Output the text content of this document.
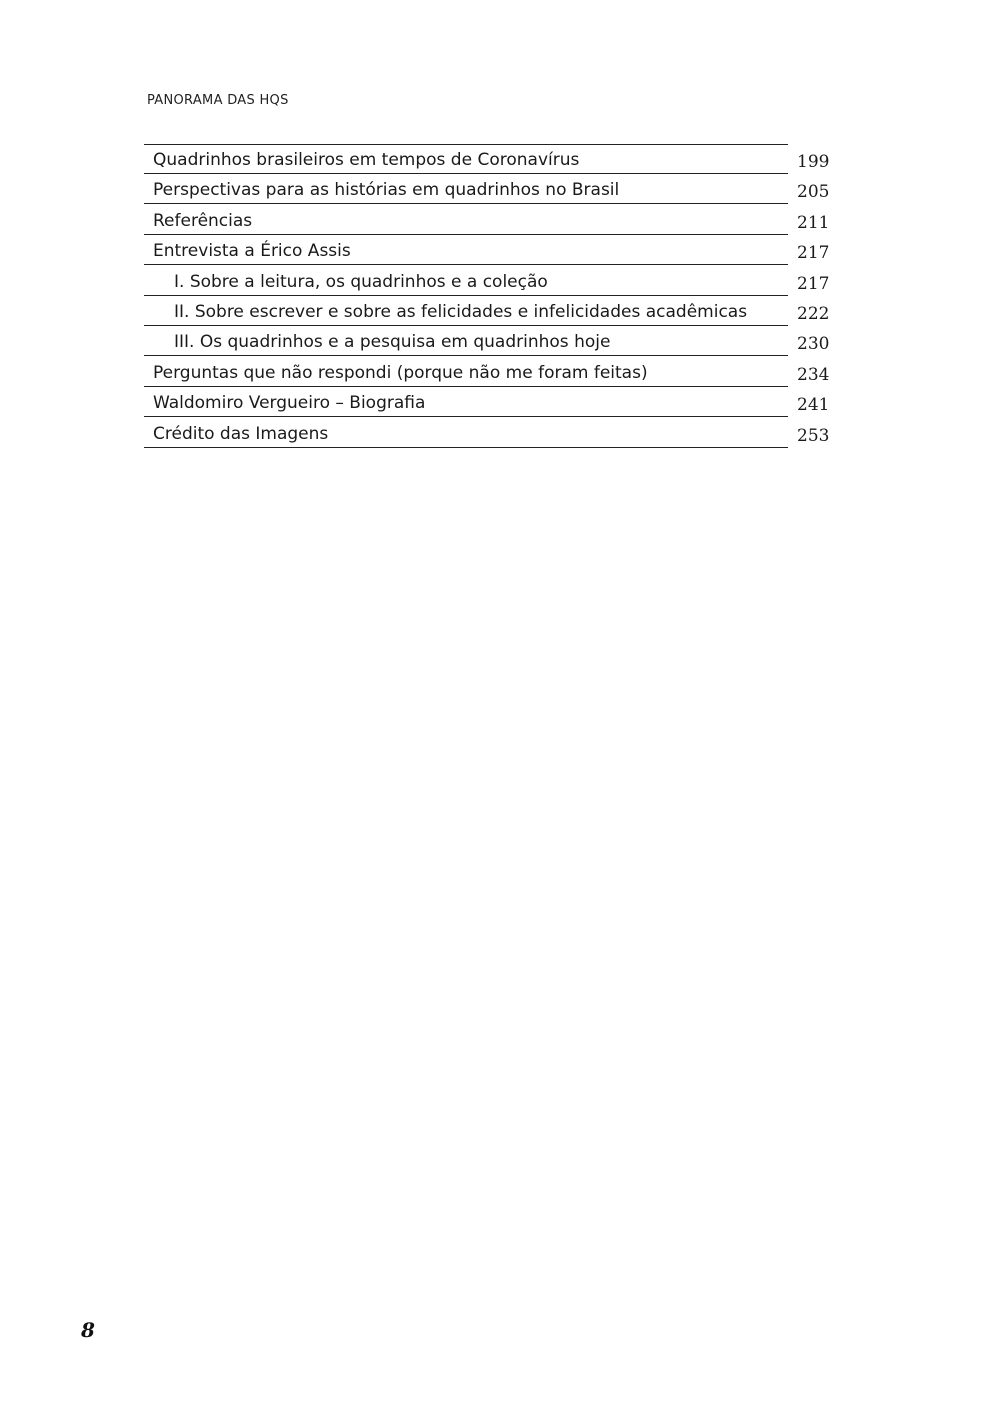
PANORAMA DAS HQS
Quadrinhos brasileiros em tempos de Coronavírus	199
Perspectivas para as histórias em quadrinhos no Brasil	205
Referências	211
Entrevista a Érico Assis	217
I. Sobre a leitura, os quadrinhos e a coleção	217
II. Sobre escrever e sobre as felicidades e infelicidades acadêmicas	222
III. Os quadrinhos e a pesquisa em quadrinhos hoje	230
Perguntas que não respondi (porque não me foram feitas)	234
Waldomiro Vergueiro – Biografia	241
Crédito das Imagens	253
8
